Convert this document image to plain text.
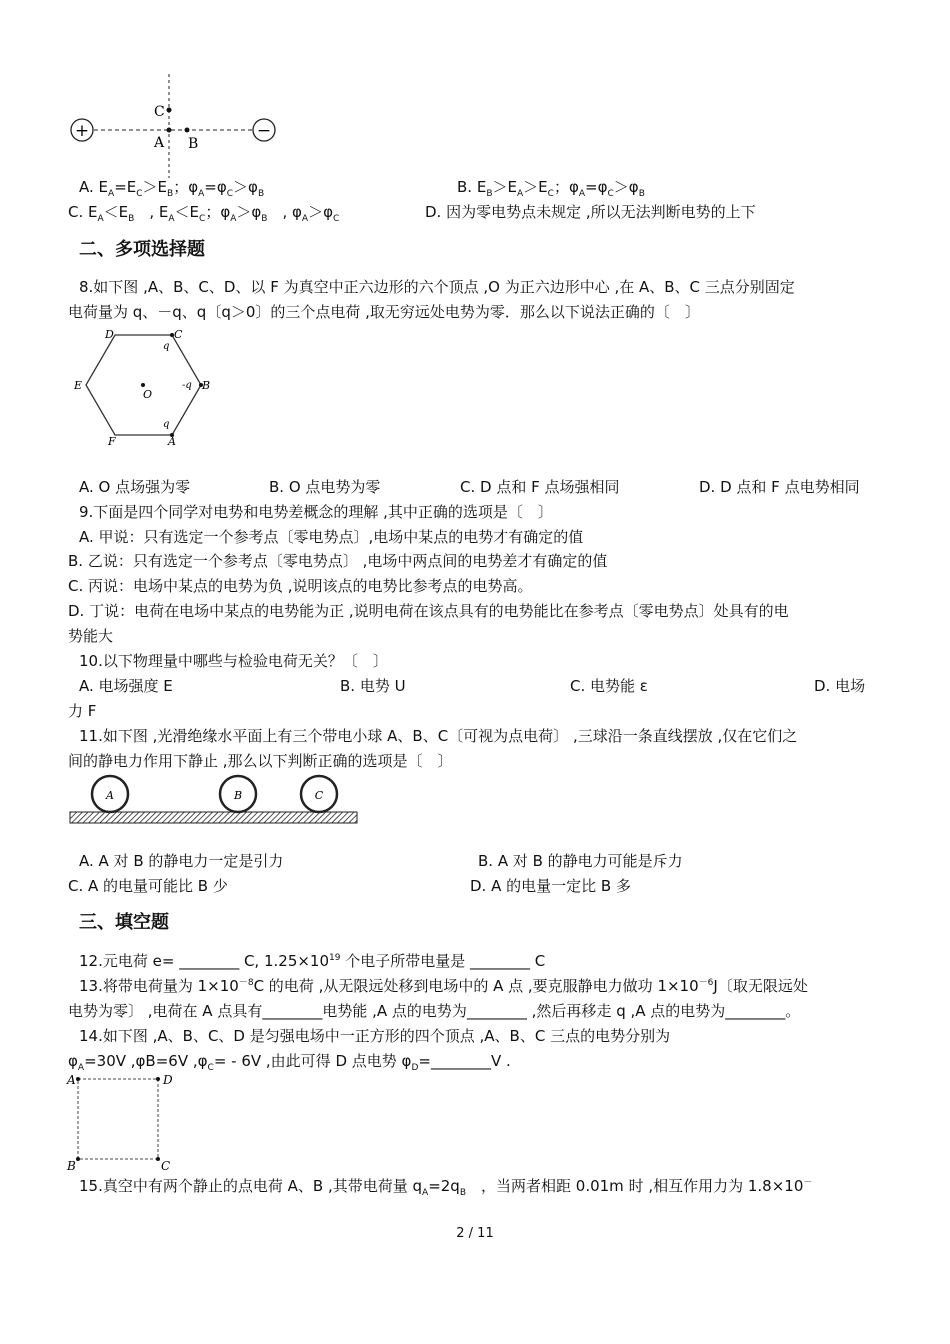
+	−
C
A B
A. $E_A=E_C>E_B$；$\varphi_A=\varphi_C>\varphi_B$	B. $E_B>E_A>E_C$；$\varphi_A=\varphi_C>\varphi_B$
C. $E_A<E_B$　, $E_A<E_C$；$\varphi_A>\varphi_B$　, $\varphi_A>\varphi_C$	D. 因为零电势点未规定 ,所以无法判断电势的上下
二、多项选择题
8.如下图 ,A、B、C、D、以 F 为真空中正六边形的六个顶点 ,O 为正六边形中心 ,在 A、B、C 三点分别固定
电荷量为 q、－q、q〔q＞0〕的三个点电荷 ,取无穷远处电势为零．那么以下说法正确的〔　〕
D	C
E	B
F	A
O
q
-q
q
A. O 点场强为零	B. O 点电势为零	C. D 点和 F 点场强相同	D. D 点和 F 点电势相同
9.下面是四个同学对电势和电势差概念的理解 ,其中正确的选项是〔　〕
A. 甲说：只有选定一个参考点〔零电势点〕,电场中某点的电势才有确定的值
B. 乙说：只有选定一个参考点〔零电势点〕 ,电场中两点间的电势差才有确定的值
C. 丙说：电场中某点的电势为负 ,说明该点的电势比参考点的电势高。
D. 丁说：电荷在电场中某点的电势能为正 ,说明电荷在该点具有的电势能比在参考点〔零电势点〕处具有的电
势能大
10.以下物理量中哪些与检验电荷无关？〔　〕
A. 电场强度 E	B. 电势 U	C. 电势能 ε	D. 电场
力 F
11.如下图 ,光滑绝缘水平面上有三个带电小球 A、B、C〔可视为点电荷〕 ,三球沿一条直线摆放 ,仅在它们之
间的静电力作用下静止 ,那么以下判断正确的选项是〔　〕
A	B	C
A. A 对 B 的静电力一定是引力	B. A 对 B 的静电力可能是斥力
C. A 的电量可能比 B 少	D. A 的电量一定比 B 多
三、填空题
12.元电荷 e= ________ C, $1.25\times 10^{19}$ 个电子所带电量是 ________ C
13.将带电荷量为 $1\times 10^{-8}C$ 的电荷 ,从无限远处移到电场中的 A 点 ,要克服静电力做功 $1\times 10^{-6}J$〔取无限远处
电势为零〕 ,电荷在 A 点具有________电势能 ,A 点的电势为________ ,然后再移走 q ,A 点的电势为________。
14.如下图 ,A、B、C、D 是匀强电场中一正方形的四个顶点 ,A、B、C 三点的电势分别为
$\varphi_A=30V$ ,φB=6V $,\varphi_C= - 6V$ ,由此可得 D 点电势 $\varphi_D=\_\_\_\_\_\_\_\_V$ .
A	D
B	C
15.真空中有两个静止的点电荷 A、B ,其带电荷量 $q_A=2q_B$　，当两者相距 0.01m 时 ,相互作用力为 1.8×10－
2 / 11
